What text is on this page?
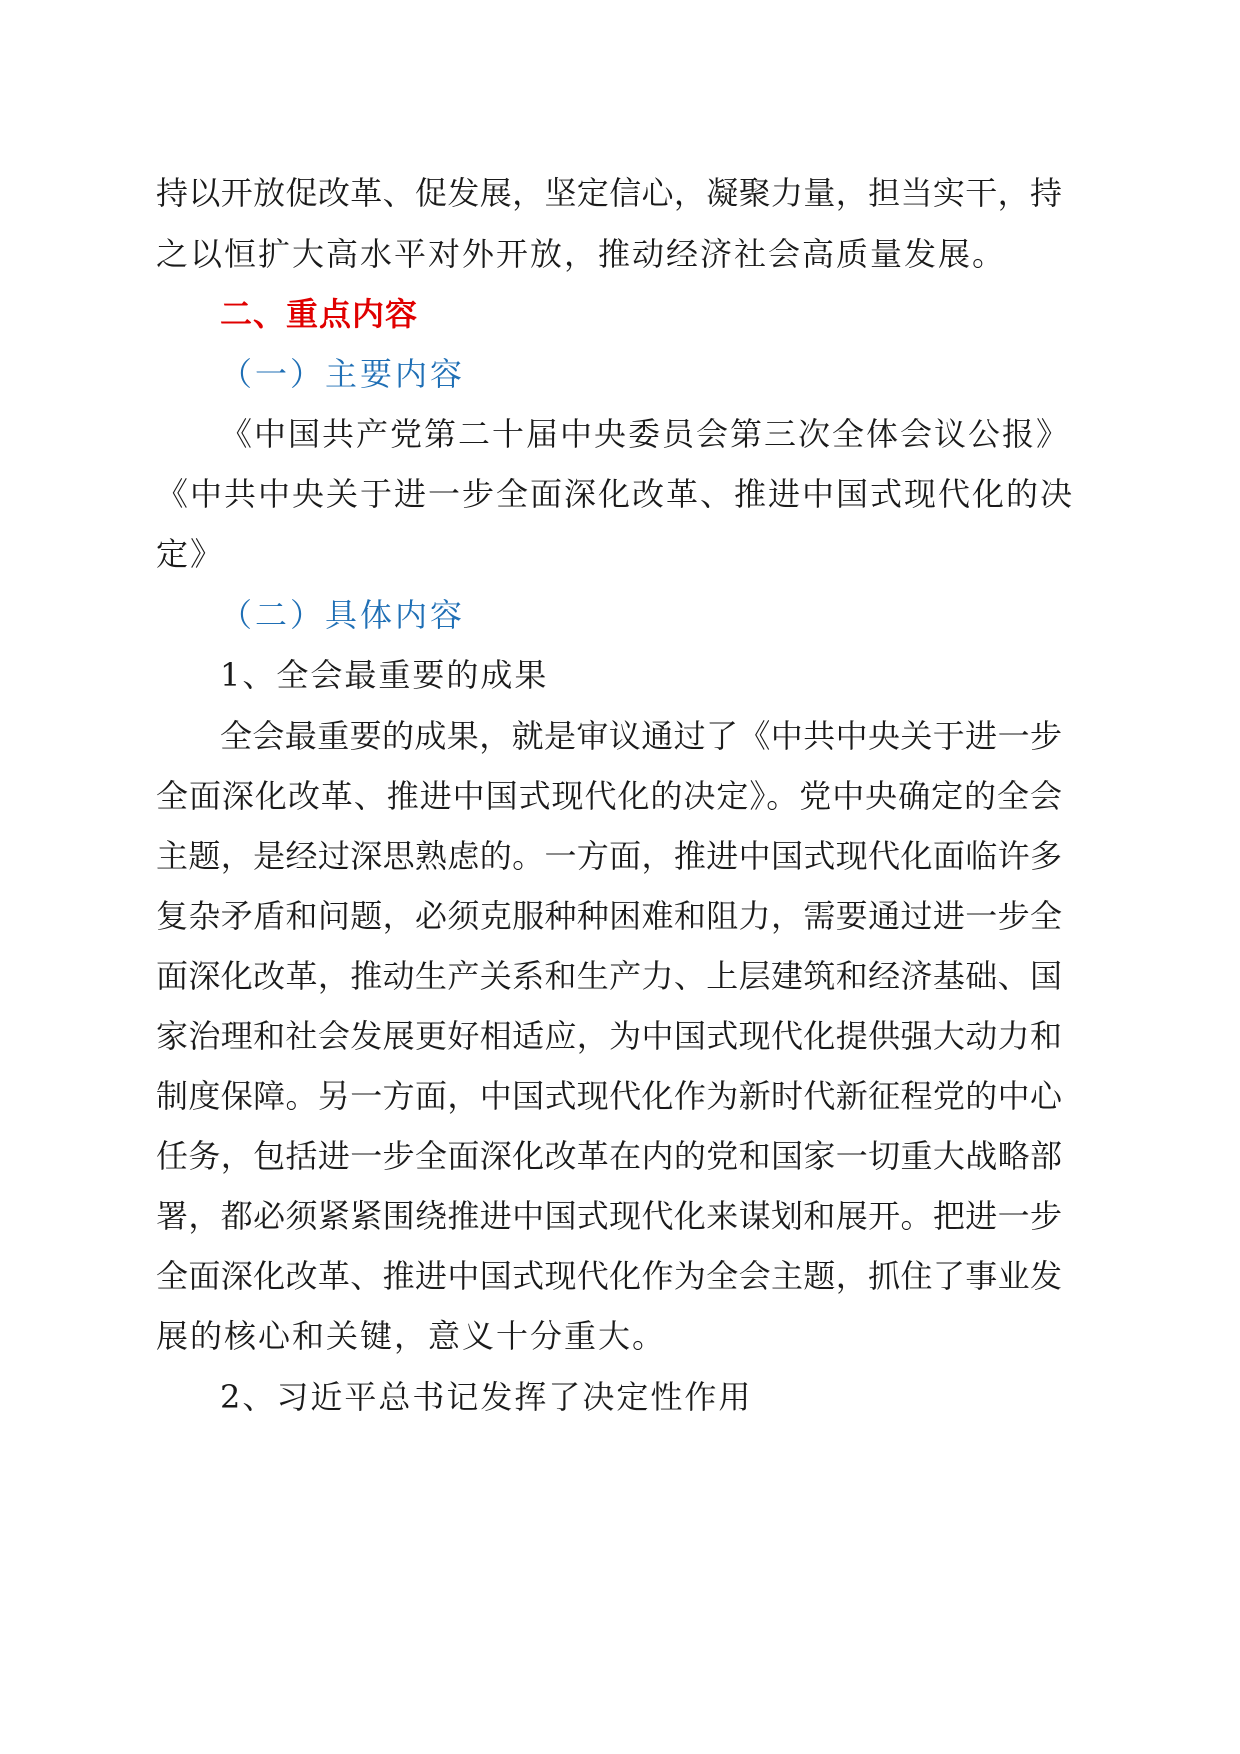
持以开放促改革、促发展，坚定信心，凝聚力量，担当实干，持
之以恒扩大高水平对外开放，推动经济社会高质量发展。
二、重点内容
（一）主要内容
《中国共产党第二十届中央委员会第三次全体会议公报》
《中共中央关于进一步全面深化改革、推进中国式现代化的决
定》
（二）具体内容
1、全会最重要的成果
全会最重要的成果，就是审议通过了《中共中央关于进一步
全面深化改革、推进中国式现代化的决定》。党中央确定的全会
主题，是经过深思熟虑的。一方面，推进中国式现代化面临许多
复杂矛盾和问题，必须克服种种困难和阻力，需要通过进一步全
面深化改革，推动生产关系和生产力、上层建筑和经济基础、国
家治理和社会发展更好相适应，为中国式现代化提供强大动力和
制度保障。另一方面，中国式现代化作为新时代新征程党的中心
任务，包括进一步全面深化改革在内的党和国家一切重大战略部
署，都必须紧紧围绕推进中国式现代化来谋划和展开。把进一步
全面深化改革、推进中国式现代化作为全会主题，抓住了事业发
展的核心和关键，意义十分重大。
2、习近平总书记发挥了决定性作用
